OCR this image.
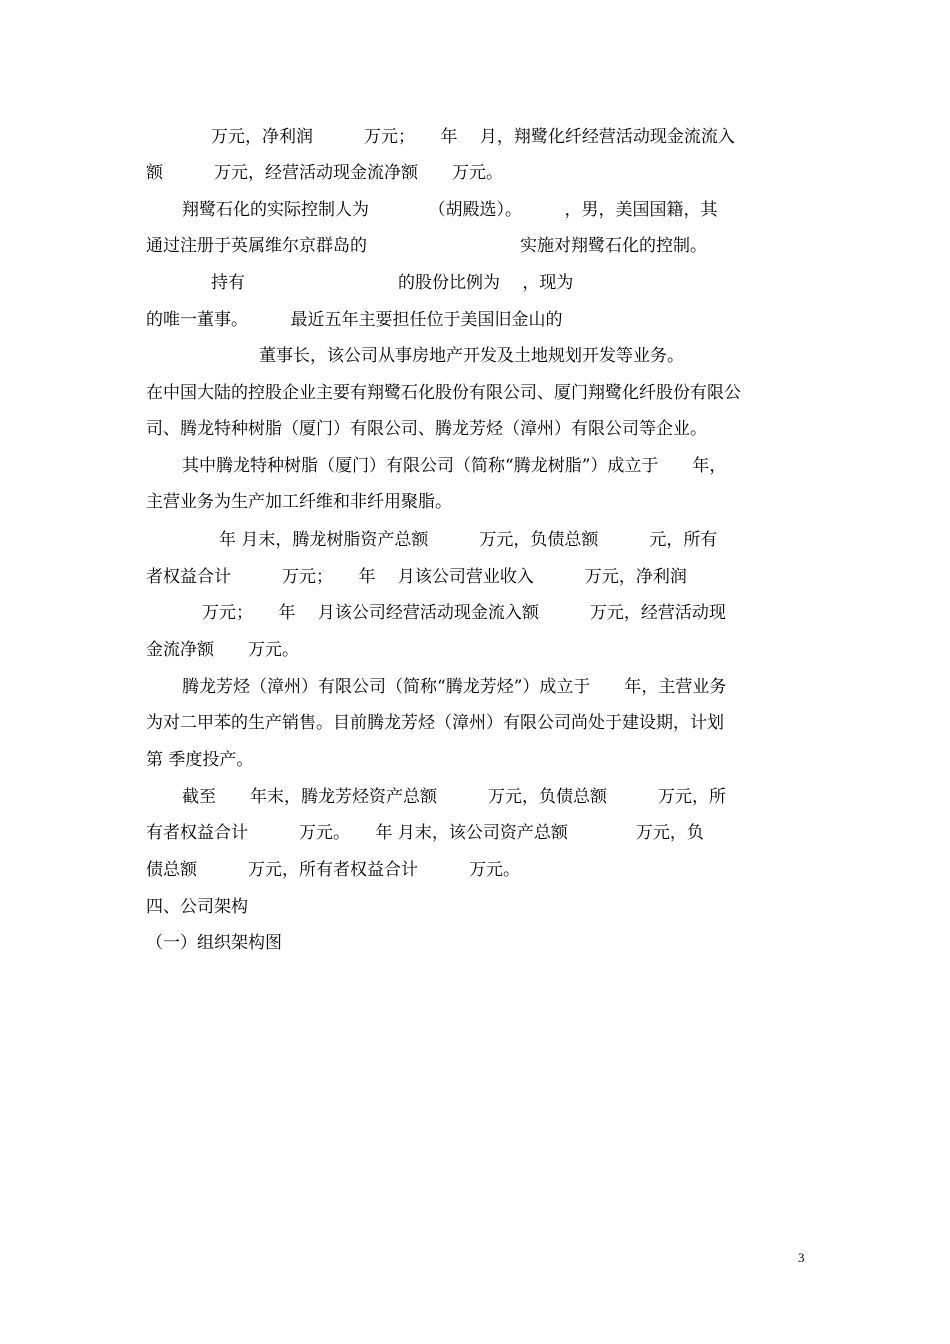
万元，净利润　　　万元；　　年　 月，翔鹭化纤经营活动现金流流入
额　　　万元，经营活动现金流净额　　万元。
翔鹭石化的实际控制人为　　　　（胡殿选）。　　　，男，美国国籍，其
通过注册于英属维尔京群岛的　　　　　　　　　实施对翔鹭石化的控制。
持有　　　　　　　　　的股份比例为　 ，现为
的唯一董事。　　　最近五年主要担任位于美国旧金山的
董事长，该公司从事房地产开发及土地规划开发等业务。
在中国大陆的控股企业主要有翔鹭石化股份有限公司、厦门翔鹭化纤股份有限公
司、腾龙特种树脂（厦门）有限公司、腾龙芳烃（漳州）有限公司等企业。
其中腾龙特种树脂（厦门）有限公司（简称“腾龙树脂”）成立于　　年，
主营业务为生产加工纤维和非纤用聚脂。
年 月末，腾龙树脂资产总额　　　万元，负债总额　　　元，所有
者权益合计　　　万元；　　年　 月该公司营业收入　　　万元，净利润
万元；　　年　 月该公司经营活动现金流入额　　　万元，经营活动现
金流净额　　万元。
腾龙芳烃（漳州）有限公司（简称“腾龙芳烃”）成立于　　年，主营业务
为对二甲苯的生产销售。目前腾龙芳烃（漳州）有限公司尚处于建设期，计划
第 季度投产。
截至　　年末，腾龙芳烃资产总额　　　万元，负债总额　　　万元，所
有者权益合计　　　万元。　　年 月末，该公司资产总额　　　　万元，负
债总额　　　万元，所有者权益合计　　　万元。
四、公司架构
（一）组织架构图
3
